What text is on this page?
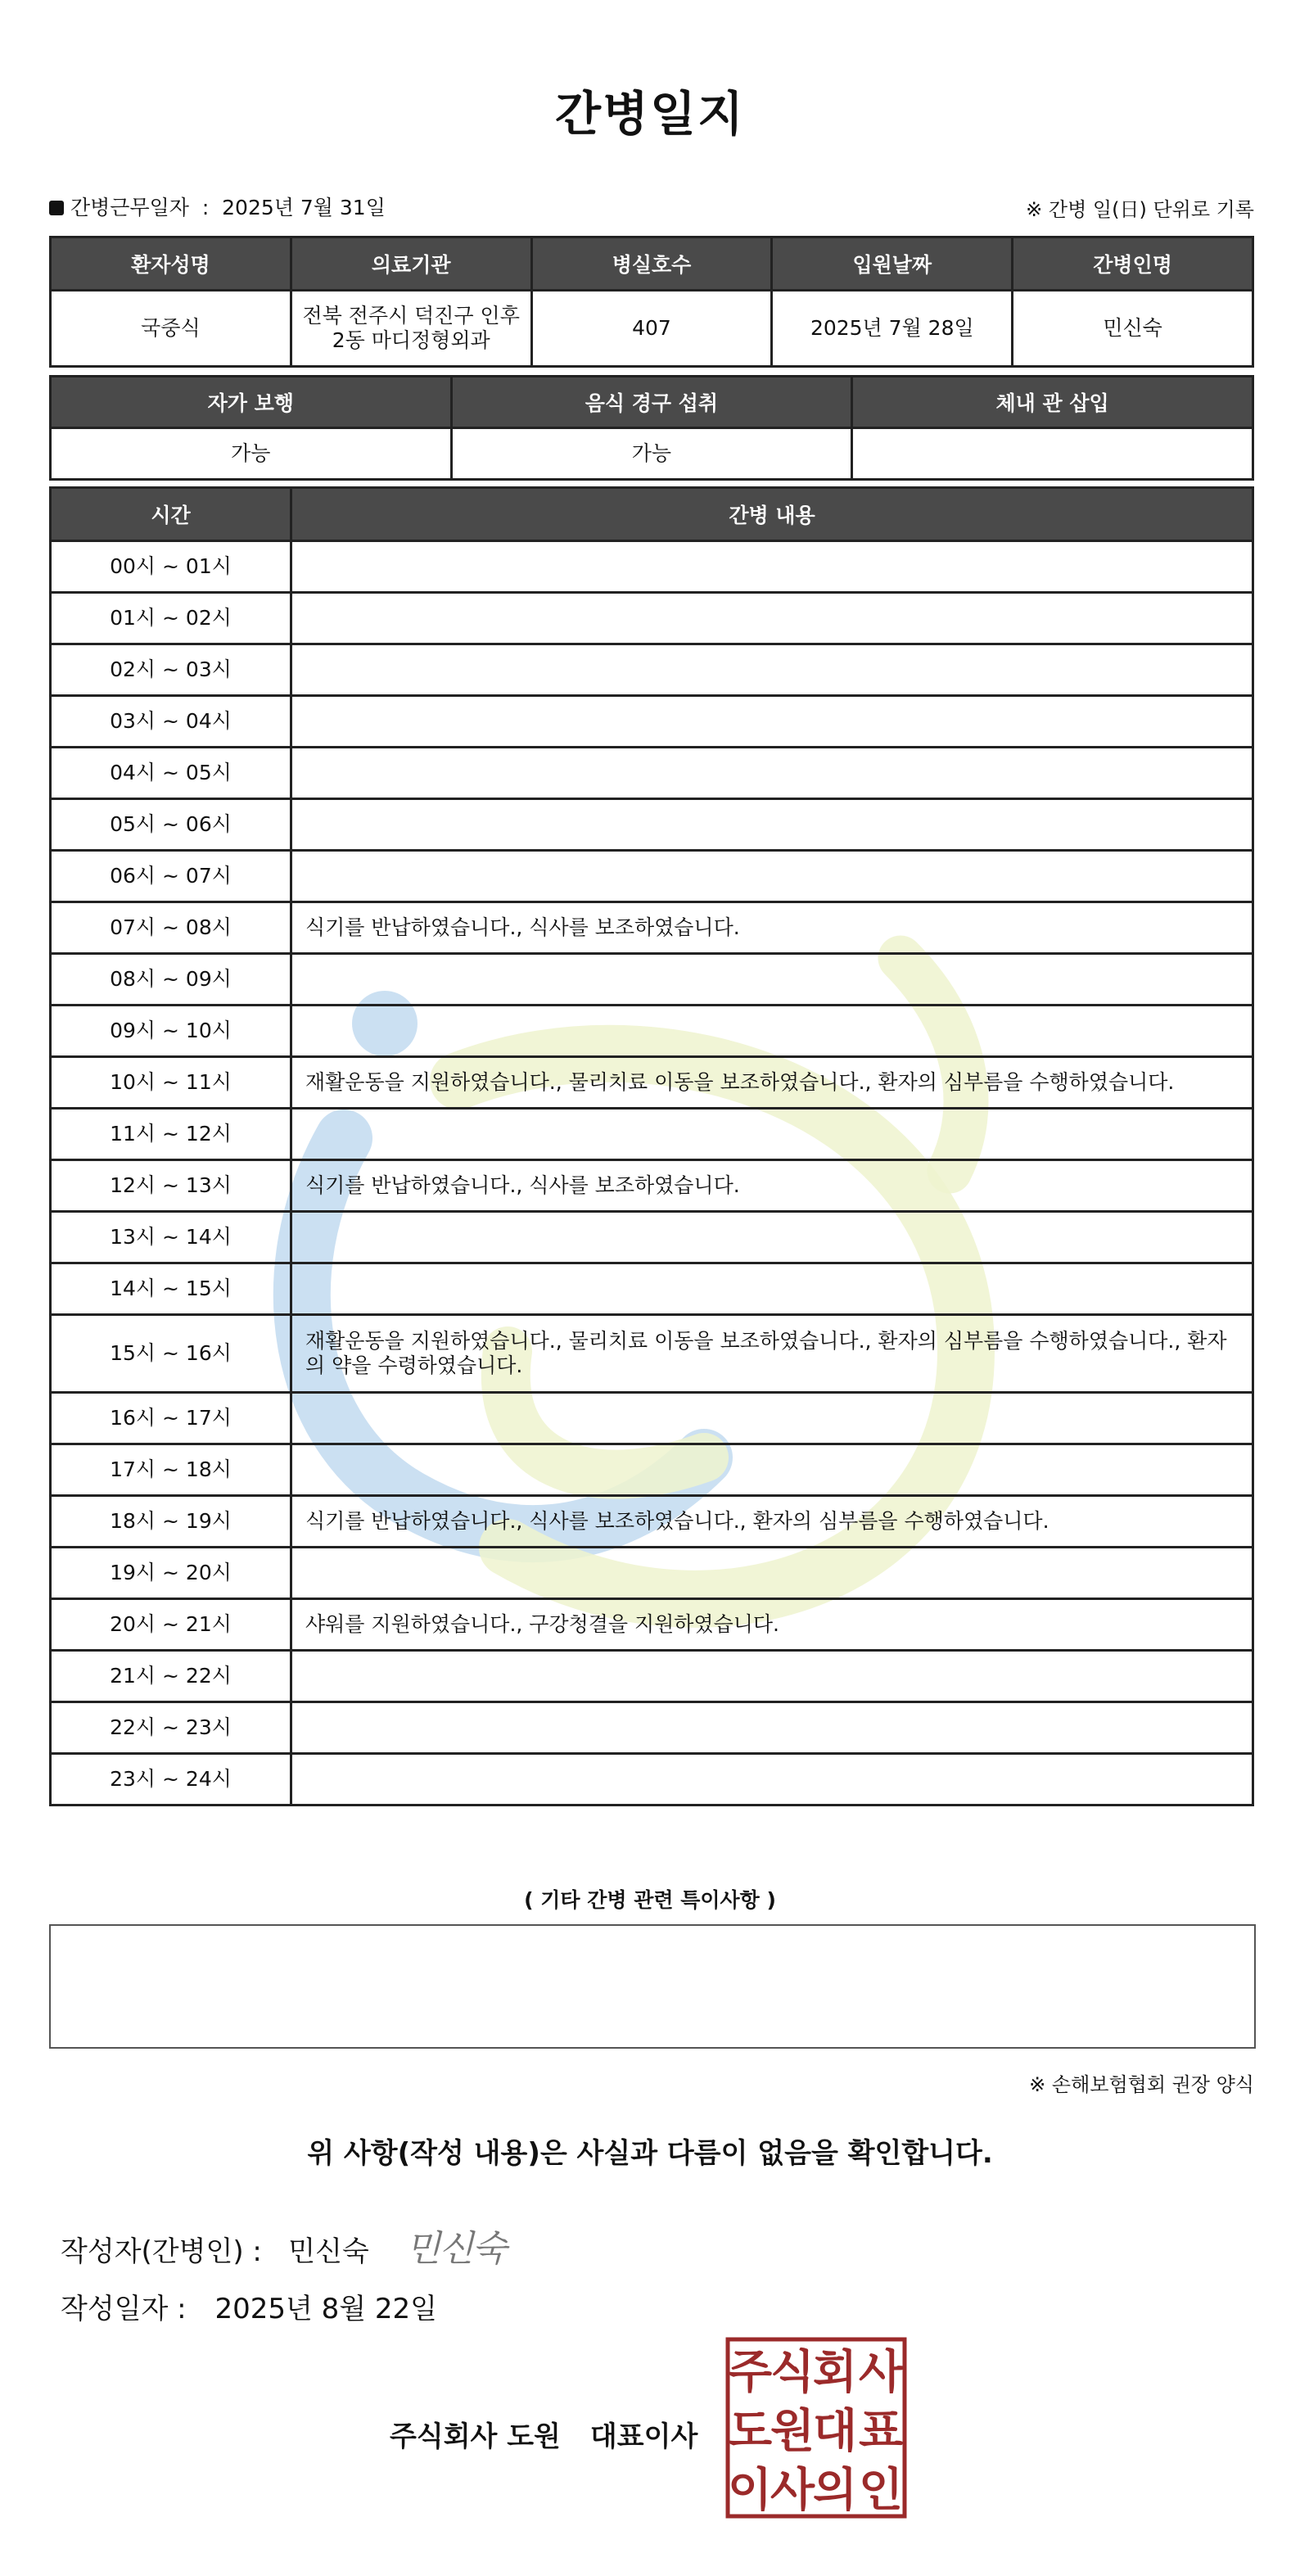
간병일지
간병근무일자 : 2025년 7월 31일	※ 간병 일(日) 단위로 기록
환자성명	의료기관	병실호수	입원날짜	간병인명
국중식	전북 전주시 덕진구 인후2동 마디정형외과	407	2025년 7월 28일	민신숙
자가 보행	음식 경구 섭취	체내 관 삽입
가능	가능	
시간	간병 내용
00시 ~ 01시	
01시 ~ 02시	
02시 ~ 03시	
03시 ~ 04시	
04시 ~ 05시	
05시 ~ 06시	
06시 ~ 07시	
07시 ~ 08시	식기를 반납하였습니다., 식사를 보조하였습니다.
08시 ~ 09시	
09시 ~ 10시	
10시 ~ 11시	재활운동을 지원하였습니다., 물리치료 이동을 보조하였습니다., 환자의 심부름을 수행하였습니다.
11시 ~ 12시	
12시 ~ 13시	식기를 반납하였습니다., 식사를 보조하였습니다.
13시 ~ 14시	
14시 ~ 15시	
15시 ~ 16시	재활운동을 지원하였습니다., 물리치료 이동을 보조하였습니다., 환자의 심부름을 수행하였습니다., 환자의 약을 수령하였습니다.
16시 ~ 17시	
17시 ~ 18시	
18시 ~ 19시	식기를 반납하였습니다., 식사를 보조하였습니다., 환자의 심부름을 수행하였습니다.
19시 ~ 20시	
20시 ~ 21시	샤워를 지원하였습니다., 구강청결을 지원하였습니다.
21시 ~ 22시	
22시 ~ 23시	
23시 ~ 24시	
( 기타 간병 관련 특이사항 )
※ 손해보험협회 권장 양식
위 사항(작성 내용)은 사실과 다름이 없음을 확인합니다.
작성자(간병인) : 민신숙 민신숙
작성일자 : 2025년 8월 22일
주식회사 도원 대표이사
주
식
회 사
도
원
대 표
이
사
의 인
